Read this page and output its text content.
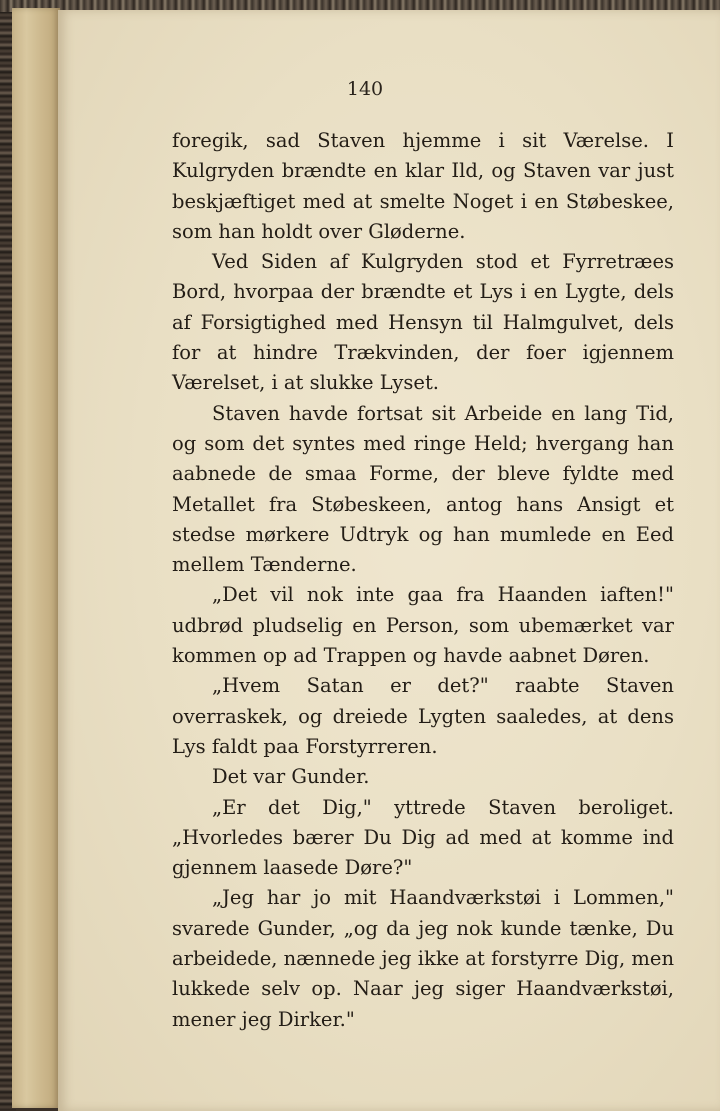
140

foregik, sad Staven hjemme i sit Værelse. I Kulgryden brændte en klar Ild, og Staven var just beskjæftiget med at smelte Noget i en Støbeskee, som han holdt over Gløderne.

Ved Siden af Kulgryden stod et Fyrretræes Bord, hvorpaa der brændte et Lys i en Lygte, dels af Forsigtighed med Hensyn til Halmgulvet, dels for at hindre Trækvinden, der foer igjennem Værelset, i at slukke Lyset.

Staven havde fortsat sit Arbeide en lang Tid, og som det syntes med ringe Held; hvergang han aabnede de smaa Forme, der bleve fyldte med Metallet fra Støbeskeen, antog hans Ansigt et stedse mørkere Udtryk og han mumlede en Eed mellem Tænderne.

„Det vil nok inte gaa fra Haanden iaften!" udbrød pludselig en Person, som ubemærket var kommen op ad Trappen og havde aabnet Døren.

„Hvem Satan er det?" raabte Staven overraskek, og dreiede Lygten saaledes, at dens Lys faldt paa Forstyrreren.

Det var Gunder.

„Er det Dig," yttrede Staven beroliget. „Hvorledes bærer Du Dig ad med at komme ind gjennem laasede Døre?"

„Jeg har jo mit Haandværkstøi i Lommen," svarede Gunder, „og da jeg nok kunde tænke, Du arbeidede, nænnede jeg ikke at forstyrre Dig, men lukkede selv op. Naar jeg siger Haandværkstøi, mener jeg Dirker."
